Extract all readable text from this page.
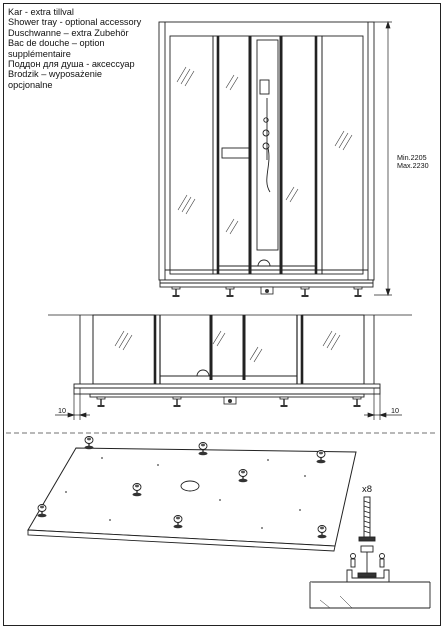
Kar - extra tillval
Shower tray - optional accessory
Duschwanne – extra Zubehör
Bac de douche – option
supplémentaire
Поддон для душа - аксессуар
Brodzik – wyposażenie
opcjonalne
Min.2205
Max.2230
10	10
x8
